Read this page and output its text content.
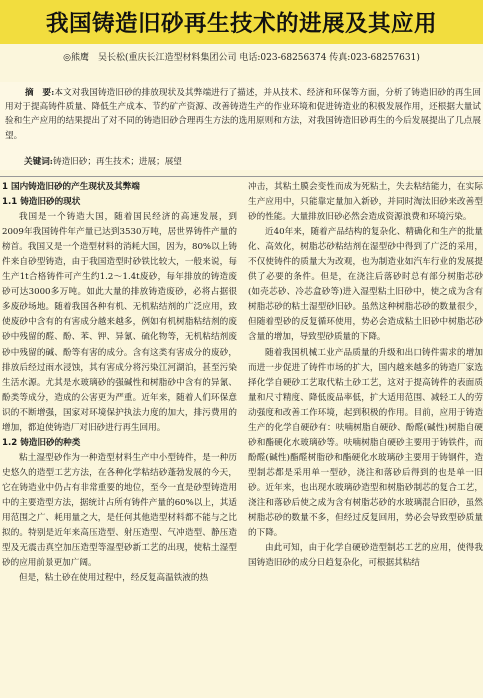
我国铸造旧砂再生技术的进展及其应用
◎熊鹰　吴长松(重庆长江造型材料集团公司 电话:023-68256374 传真:023-68257631)

摘　要:本文对我国铸造旧砂的排放现状及其弊端进行了描述，并从技术、经济和环保等方面，分析了铸造旧砂的再生回用对于提高铸件质量、降低生产成本、节约矿产资源、改善铸造生产的作业环境和促进铸造业的积极发展作用，还根据大量试验和生产应用的结果提出了对不同的铸造旧砂合理再生方法的选用原则和方法，对我国铸造旧砂再生的今后发展提出了几点展望。

关键词:铸造旧砂；再生技术；进展；展望
1 国内铸造旧砂的产生现状及其弊端
1.1 铸造旧砂的现状

我国是一个铸造大国，随着国民经济的高速发展，到2009年我国铸件年产量已达到3530万吨，居世界铸件产量的榜首。我国又是一个造型材料的消耗大国，因为，80%以上铸件来自砂型铸造，由于我国造型时砂铁比较大，一般来说，每生产1t合格铸件可产生约1.2～1.4t废砂，每年排放的铸造废砂可达3000多万吨。如此大量的排放铸造废砂，必将占据很多废砂场地。随着我国各种有机、无机粘结剂的广泛应用，致使废砂中含有的有害成分越来越多，例如有机树脂粘结剂的废砂中残留的醛、酚、苯、钾、异氰、硫化物等，无机粘结剂废砂中残留的碱、酚等有害的成分。含有这类有害成分的废砂，排放后经过雨水浸蚀，其有害成分将污染江河湖泊，甚至污染生活水源。尤其是水玻璃砂的强碱性和树脂砂中含有的异氰、酚类等成分，造成的公害更为严重。近年来，随着人们环保意识的不断增强，国家对环境保护执法力度的加大，排污费用的增加，都迫使铸造厂对旧砂进行再生回用。

1.2 铸造旧砂的种类

粘土湿型砂作为一种造型材料生产中小型铸件，是一种历史悠久的造型工艺方法，在各种化学粘结砂蓬勃发展的今天，它在铸造业中仍占有非常重要的地位，至今一直是砂型铸造用中的主要造型方法，据统计占所有铸件产量的60%以上，其适用范围之广、耗用量之大，是任何其他造型材料都不能与之比拟的。特别是近年来高压造型、射压造型、气冲造型、静压造型及无震击真空加压造型等湿型砂新工艺的出现，使粘土湿型砂的应用前景更加广阔。

但是，粘土砂在使用过程中，经反复高温铁液的热

冲击，其粘土膜会变性而成为死粘土，失去粘结能力，在实际生产应用中，只能靠定量加入新砂，并同时淘汰旧砂来改善型砂的性能。大量排放旧砂必然会造成资源浪费和环境污染。

近40年来，随着产品结构的复杂化、精确化和生产的批量化、高效化，树脂芯砂粘结剂在湿型砂中得到了广泛的采用，不仅使铸件的质量大为改观，也为制造业如汽车行业的发展提供了必要的条件。但是，在浇注后落砂时总有部分树脂芯砂(如壳芯砂、冷芯盒砂等)进入湿型粘土旧砂中，使之成为含有树脂芯砂的粘土湿型砂旧砂。虽然这种树脂芯砂的数量很少，但随着型砂的反复循环使用，势必会造成粘土旧砂中树脂芯砂含量的增加，导致型砂质量的下降。

随着我国机械工业产品质量的升级和出口铸件需求的增加而进一步促进了铸件市场的扩大，国内越来越多的铸造厂家选择化学自硬砂工艺取代粘土砂工艺，这对于提高铸件的表面质量和尺寸精度、降低废品率低，扩大适用范围、减轻工人的劳动强度和改善工作环境，起到积极的作用。目前，应用于铸造生产的化学自硬砂有：呋喃树脂自硬砂、酚醛(碱性)树脂自硬砂和酯硬化水玻璃砂等。呋喃树脂自硬砂主要用于铸铁件，而酚醛(碱性)酯醛树脂砂和酯硬化水玻璃砂主要用于铸钢件，造型制芯都是采用单一型砂，浇注和落砂后得到的也是单一旧砂。近年来，也出现水玻璃砂造型和树脂砂制芯的复合工艺，浇注和落砂后使之成为含有树脂芯砂的水玻璃混合旧砂，虽然树脂芯砂的数量不多，但经过反复回用，势必会导致型砂质量的下降。

由此可知，由于化学自硬砂造型制芯工艺的应用，使得我国铸造旧砂的成分日趋复杂化，可根据其粘结
